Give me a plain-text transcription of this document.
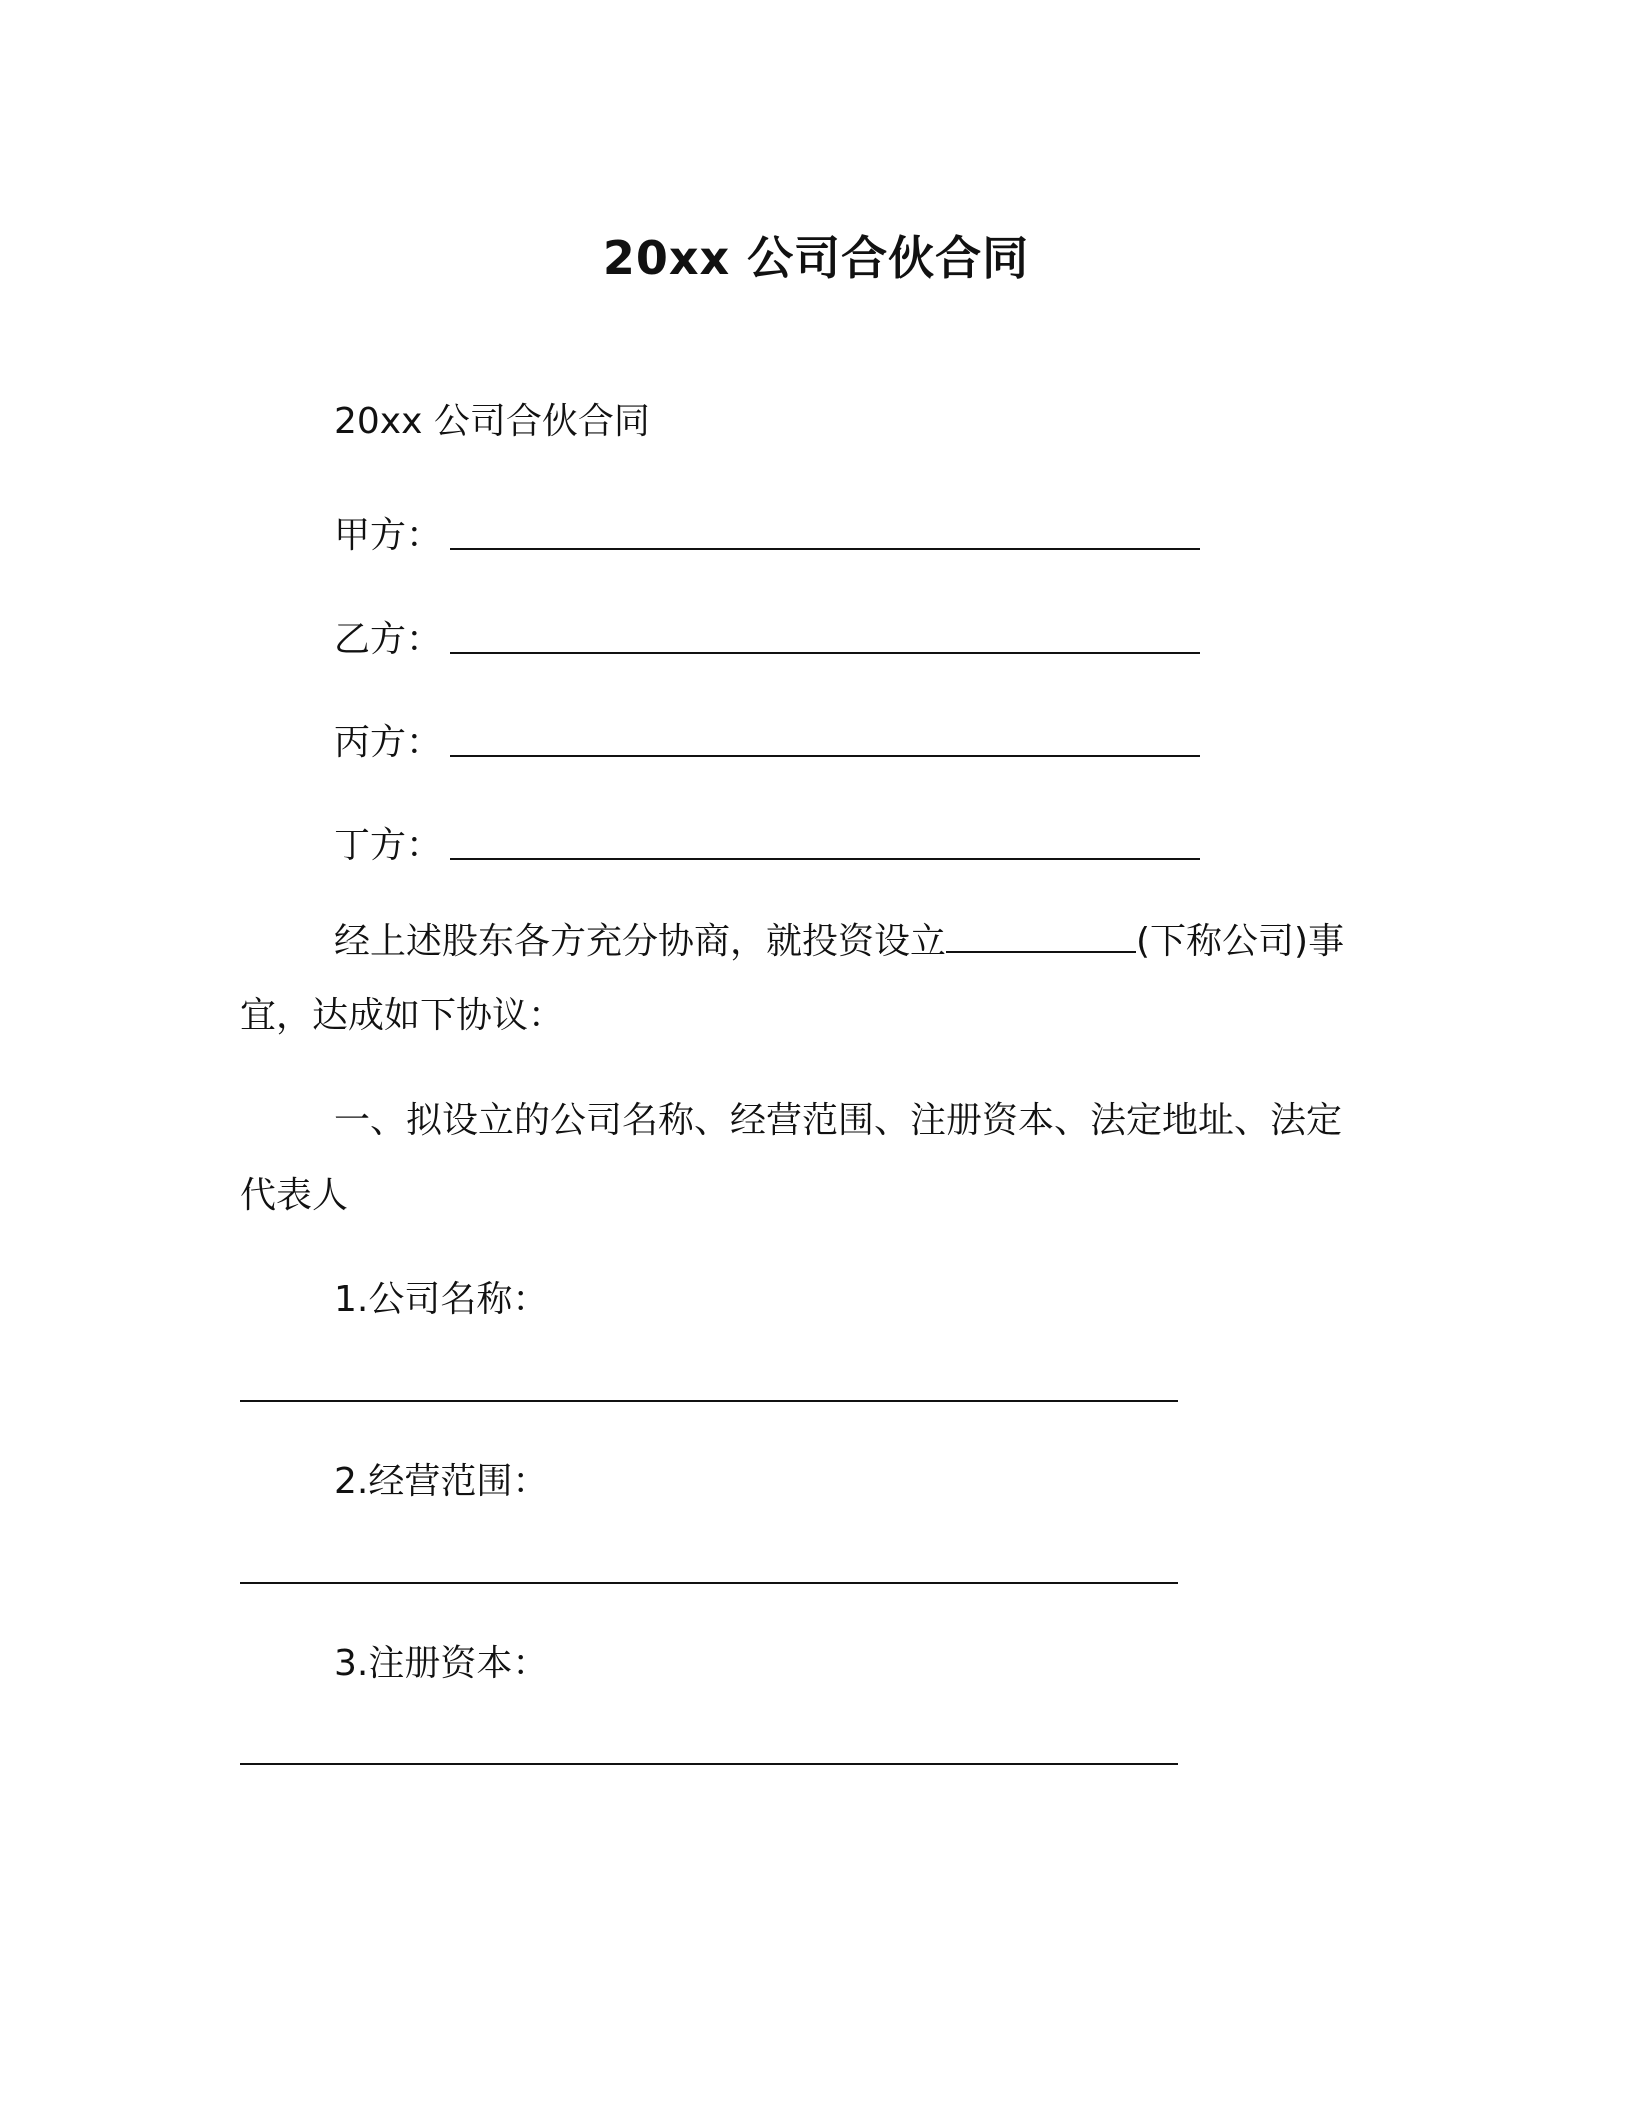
20xx 公司合伙合同
20xx 公司合伙合同
甲方：
乙方：
丙方：
丁方：
经上述股东各方充分协商，就投资设立	(下称公司)事
宜，达成如下协议：
一、拟设立的公司名称、经营范围、注册资本、法定地址、法定
代表人
1.公司名称：
2.经营范围：
3.注册资本：
